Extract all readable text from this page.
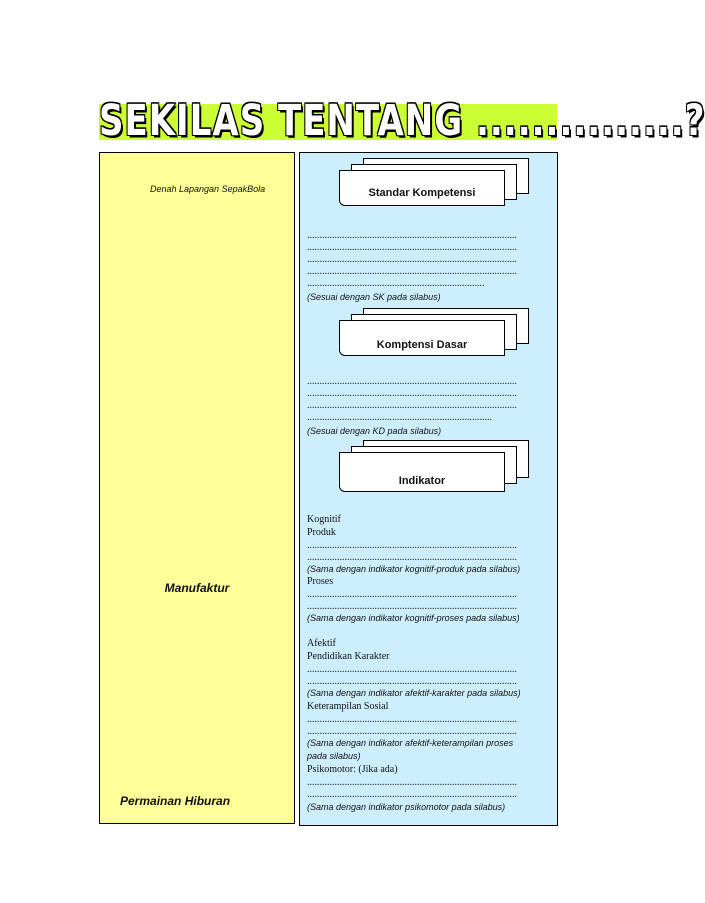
SEKILAS TENTANG ...............?
Denah Lapangan SepakBola
Manufaktur
Permainan Hiburan
Standar Kompetensi
....................................................................................
....................................................................................
....................................................................................
....................................................................................
.......................................................................
(Sesuai dengan SK pada silabus)
Komptensi Dasar
....................................................................................
....................................................................................
....................................................................................
..........................................................................
(Sesuai dengan KD pada silabus)
Indikator
Kognitif
Produk
....................................................................................
....................................................................................
(Sama dengan indikator kognitif-produk pada silabus)
Proses
....................................................................................
....................................................................................
(Sama dengan indikator kognitif-proses pada silabus)
Afektif
Pendidikan Karakter
....................................................................................
....................................................................................
(Sama dengan indikator afektif-karakter pada silabus)
Keterampilan Sosial
....................................................................................
....................................................................................
(Sama dengan indikator afektif-keterampilan proses
pada silabus)
Psikomotor: (Jika ada)
....................................................................................
....................................................................................
(Sama dengan indikator psikomotor pada silabus)
